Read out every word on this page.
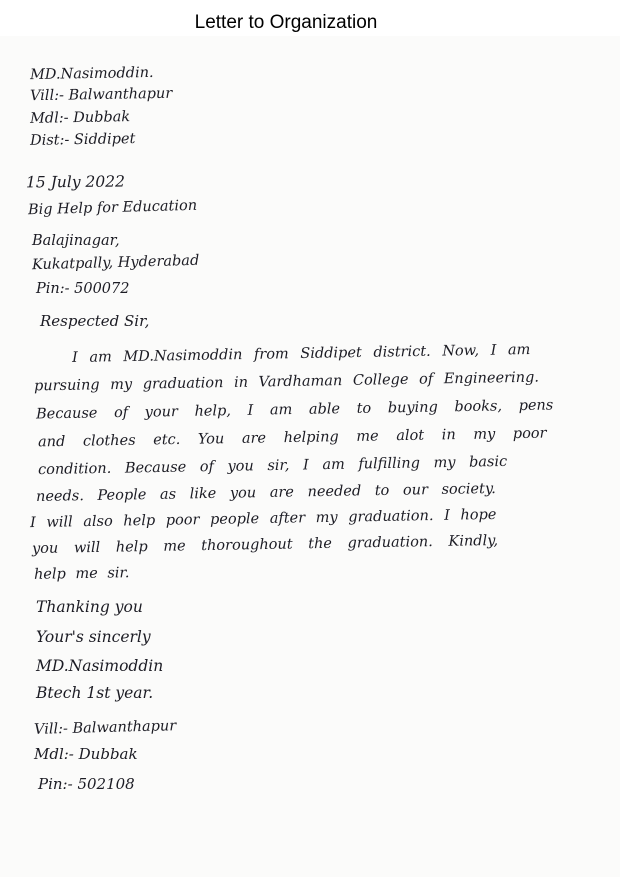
Letter to Organization
MD.Nasimoddin.
Vill:- Balwanthapur
Mdl:- Dubbak
Dist:- Siddipet
15 July 2022
Big Help for Education
Balajinagar,
Kukatpally, Hyderabad
Pin:- 500072
Respected Sir,
I am MD.Nasimoddin from Siddipet district. Now, I am
pursuing my graduation in Vardhaman College of Engineering.
Because of your help, I am able to buying books, pens
and clothes etc. You are helping me alot in my poor
condition. Because of you sir, I am fulfilling my basic
needs. People as like you are needed to our society.
I will also help poor people after my graduation. I hope
you will help me thoroughout the graduation. Kindly,
help me sir.
Thanking you
Your's sincerly
MD.Nasimoddin
Btech 1st year.
Vill:- Balwanthapur
Mdl:- Dubbak
Pin:- 502108
